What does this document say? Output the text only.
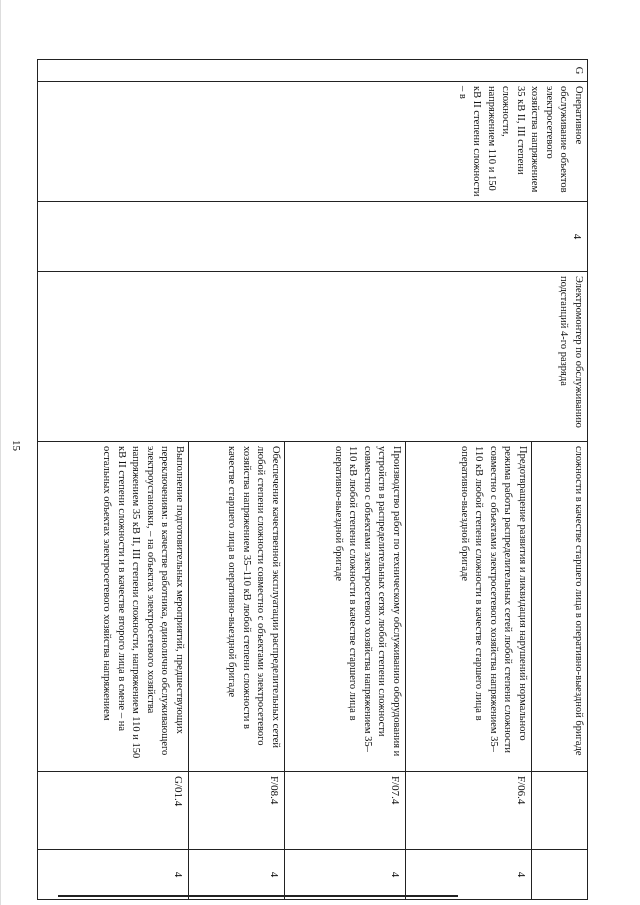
15
G	Оперативное обслуживание объектов электросетевого хозяйства напряжением 35 кВ II, III степени сложности, напряжением 110 и 150 кВ II степени сложности – в	4	Электромонтер по обслуживанию подстанций 4-го разряда	сложности в качестве старшего лица в оперативно-выездной бригаде		
				Предотвращение развития и ликвидация нарушений нормального режима работы распределительных сетей любой степени сложности совместно с объектами электросетевого хозяйства напряжением 35–110 кВ любой степени сложности в качестве старшего лица в оперативно-выездной бригаде	F/06.4	4
				Производство работ по техническому обслуживанию оборудования и устройств в распределительных сетях любой степени сложности совместно с объектами электросетевого хозяйства напряжением 35–110 кВ любой степени сложности в качестве старшего лица в оперативно-выездной бригаде	F/07.4	4
				Обеспечение качественной эксплуатации распределительных сетей любой степени сложности совместно с объектами электросетевого хозяйства напряжением 35–110 кВ любой степени сложности в качестве старшего лица в оперативно-выездной бригаде	F/08.4	4
				Выполнение подготовительных мероприятий, предшествующих переключениям: в качестве работника, единолично обслуживающего электроустановки, – на объектах электросетевого хозяйства напряжением 35 кВ II, III степени сложности, напряжением 110 и 150 кВ II степени сложности и в качестве второго лица в смене – на остальных объектах электросетевого хозяйства напряжением	G/01.4	4
